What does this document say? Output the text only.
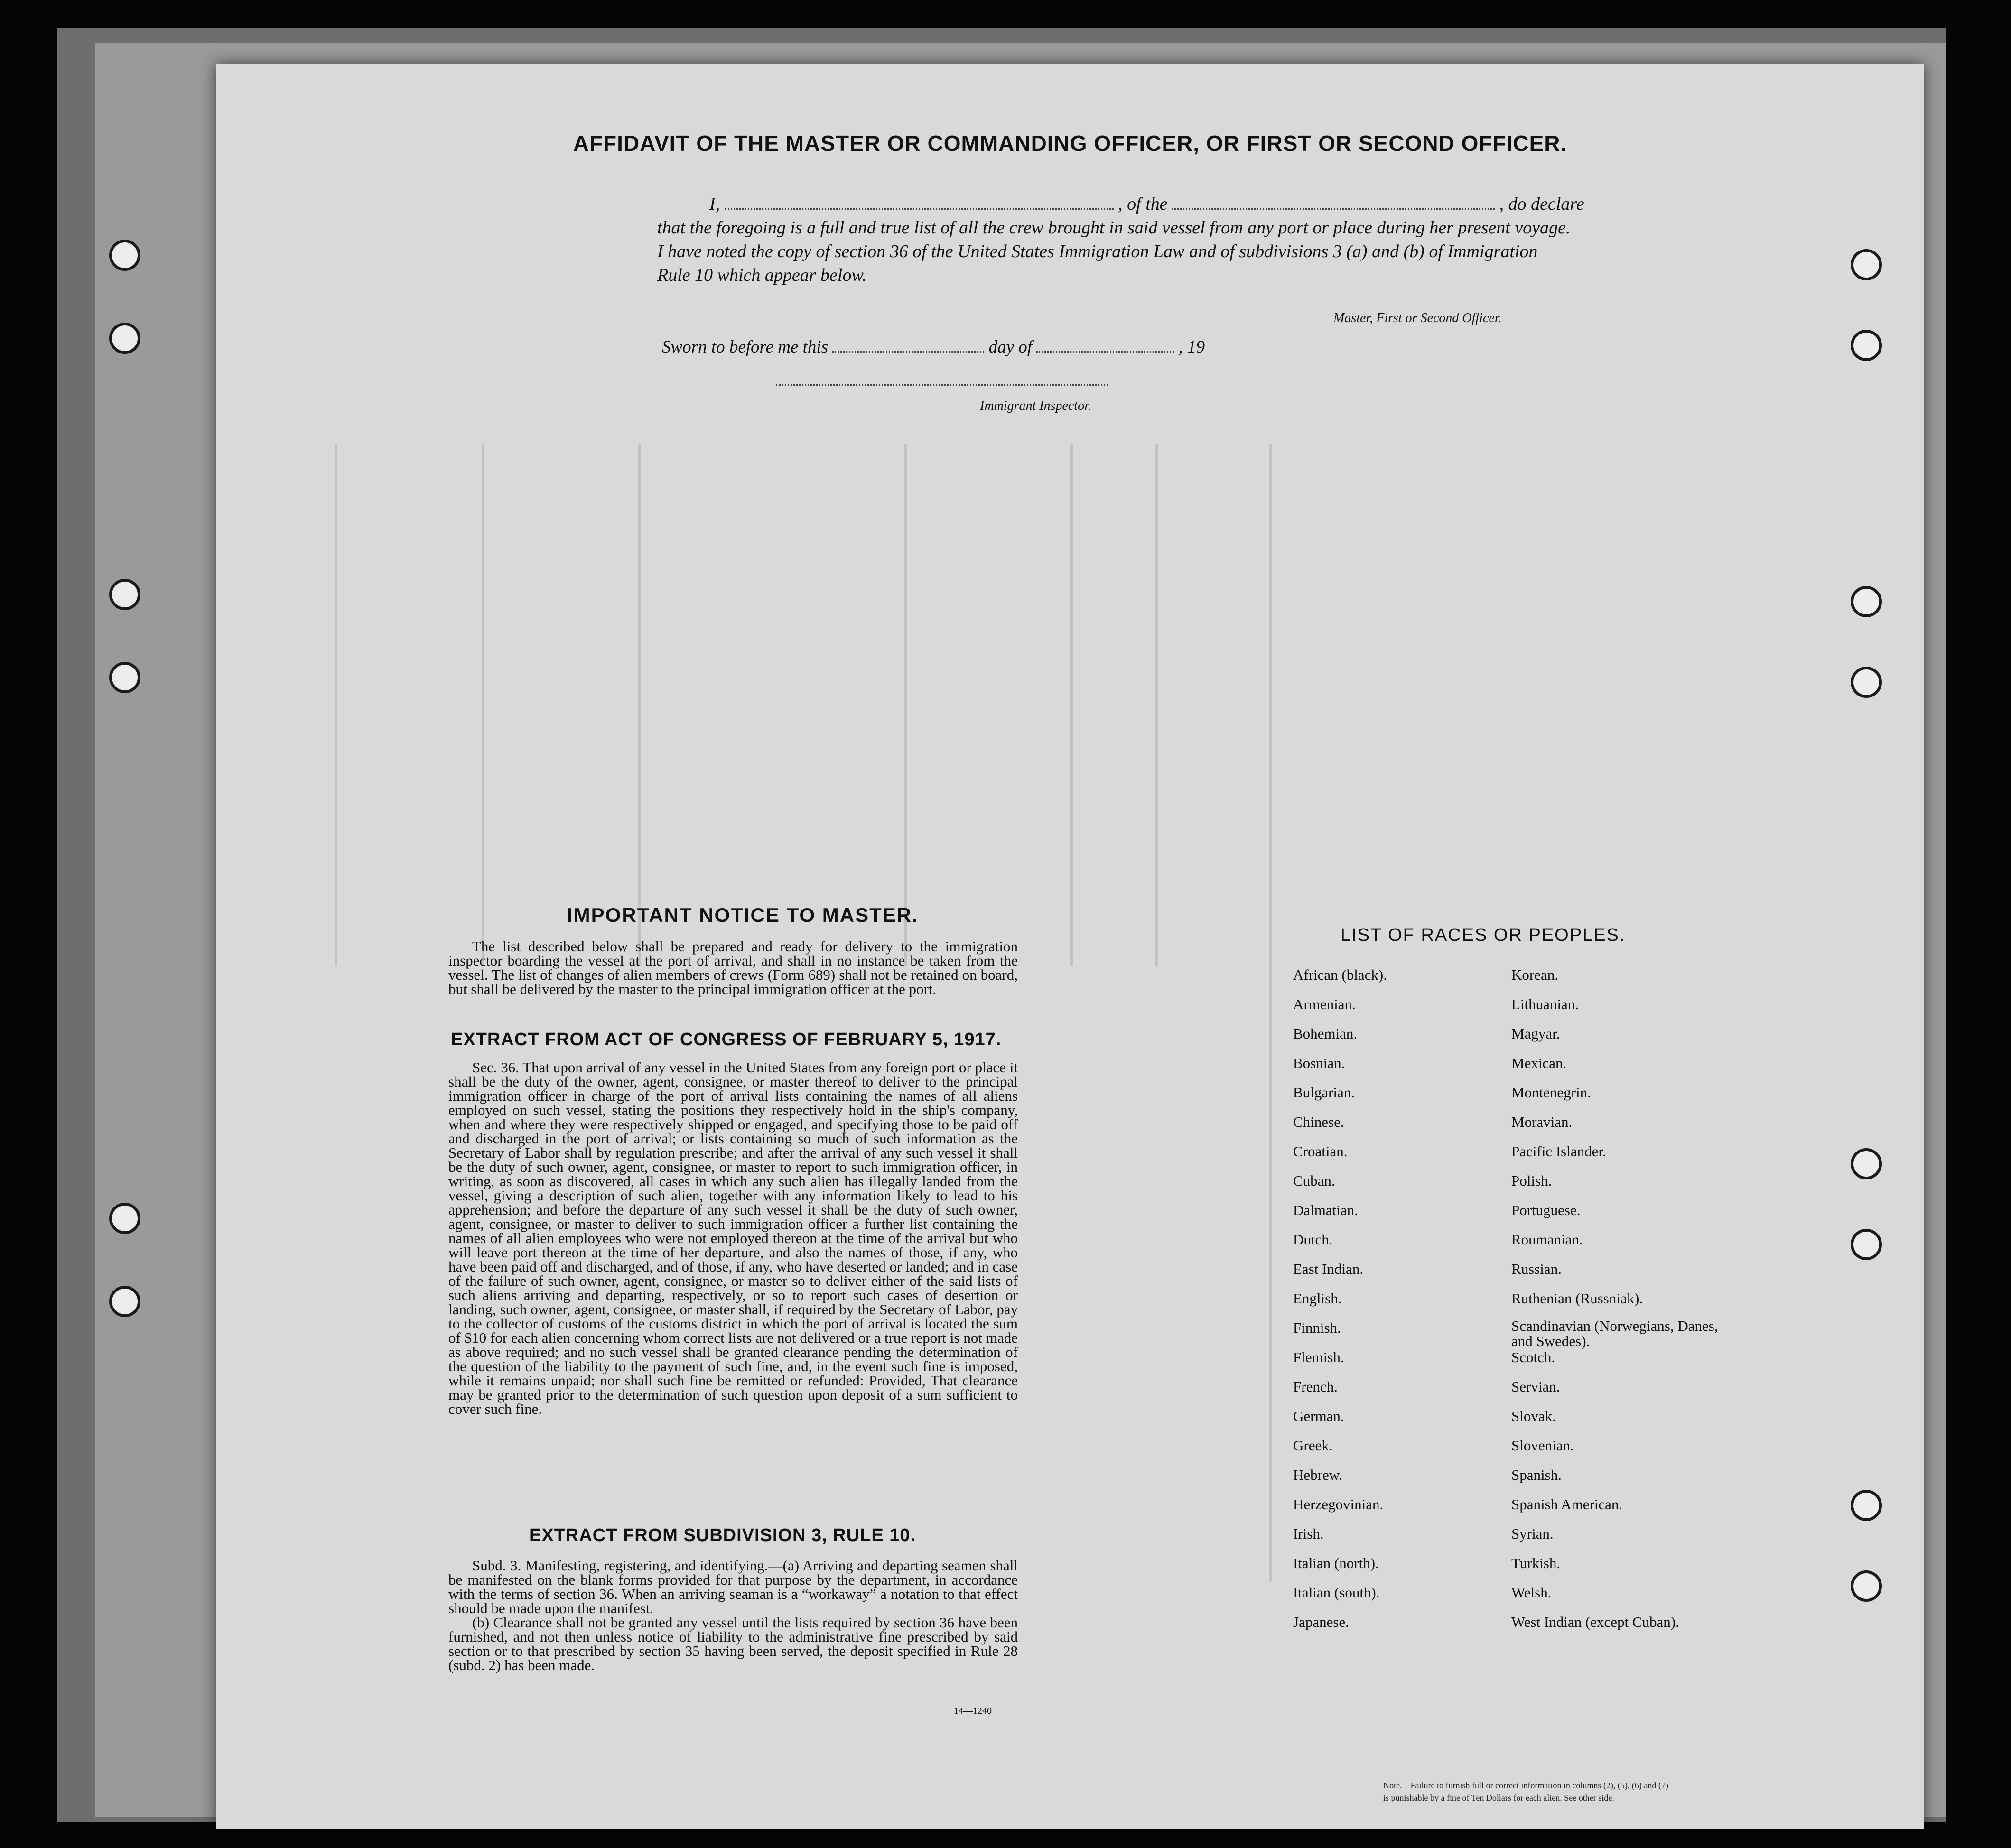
AFFIDAVIT OF THE MASTER OR COMMANDING OFFICER, OR FIRST OR SECOND OFFICER.
I,	, of the	, do declare
that the foregoing is a full and true list of all the crew brought in said vessel from any port or place during her present voyage.
I have noted the copy of section 36 of the United States Immigration Law and of subdivisions 3 (a) and (b) of Immigration
Rule 10 which appear below.
Master, First or Second Officer.
Sworn to before me this	day of	, 19
Immigrant Inspector.
IMPORTANT NOTICE TO MASTER.

The list described below shall be prepared and ready for delivery to the immigration inspector boarding the vessel at the port of arrival, and shall in no instance be taken from the vessel. The list of changes of alien members of crews (Form 689) shall not be retained on board, but shall be delivered by the master to the principal immigration officer at the port.

EXTRACT FROM ACT OF CONGRESS OF FEBRUARY 5, 1917.

Sec. 36. That upon arrival of any vessel in the United States from any foreign port or place it shall be the duty of the owner, agent, consignee, or master thereof to deliver to the principal immigration officer in charge of the port of arrival lists containing the names of all aliens employed on such vessel, stating the positions they respectively hold in the ship's company, when and where they were respectively shipped or engaged, and specifying those to be paid off and discharged in the port of arrival; or lists containing so much of such information as the Secretary of Labor shall by regulation prescribe; and after the arrival of any such vessel it shall be the duty of such owner, agent, consignee, or master to report to such immigration officer, in writing, as soon as discovered, all cases in which any such alien has illegally landed from the vessel, giving a description of such alien, together with any information likely to lead to his apprehension; and before the departure of any such vessel it shall be the duty of such owner, agent, consignee, or master to deliver to such immigration officer a further list containing the names of all alien employees who were not employed thereon at the time of the arrival but who will leave port thereon at the time of her departure, and also the names of those, if any, who have been paid off and discharged, and of those, if any, who have deserted or landed; and in case of the failure of such owner, agent, consignee, or master so to deliver either of the said lists of such aliens arriving and departing, respectively, or so to report such cases of desertion or landing, such owner, agent, consignee, or master shall, if required by the Secretary of Labor, pay to the collector of customs of the customs district in which the port of arrival is located the sum of $10 for each alien concerning whom correct lists are not delivered or a true report is not made as above required; and no such vessel shall be granted clearance pending the determination of the question of the liability to the payment of such fine, and, in the event such fine is imposed, while it remains unpaid; nor shall such fine be remitted or refunded: Provided, That clearance may be granted prior to the determination of such question upon deposit of a sum sufficient to cover such fine.

EXTRACT FROM SUBDIVISION 3, RULE 10.

Subd. 3. Manifesting, registering, and identifying.—(a) Arriving and departing seamen shall be manifested on the blank forms provided for that purpose by the department, in accordance with the terms of section 36. When an arriving seaman is a “workaway” a notation to that effect should be made upon the manifest.

(b) Clearance shall not be granted any vessel until the lists required by section 36 have been furnished, and not then unless notice of liability to the administrative fine prescribed by said section or to that prescribed by section 35 having been served, the deposit specified in Rule 28 (subd. 2) has been made.

14—1240
LIST OF RACES OR PEOPLES.
African (black).
Armenian.
Bohemian.
Bosnian.
Bulgarian.
Chinese.
Croatian.
Cuban.
Dalmatian.
Dutch.
East Indian.
English.
Finnish.
Flemish.
French.
German.
Greek.
Hebrew.
Herzegovinian.
Irish.
Italian (north).
Italian (south).
Japanese.
Korean.
Lithuanian.
Magyar.
Mexican.
Montenegrin.
Moravian.
Pacific Islander.
Polish.
Portuguese.
Roumanian.
Russian.
Ruthenian (Russniak).
Scandinavian (Norwegians, Danes, and Swedes).
Scotch.
Servian.
Slovak.
Slovenian.
Spanish.
Spanish American.
Syrian.
Turkish.
Welsh.
West Indian (except Cuban).
Note.—Failure to furnish full or correct information in columns (2), (5), (6) and (7)
is punishable by a fine of Ten Dollars for each alien. See other side.
